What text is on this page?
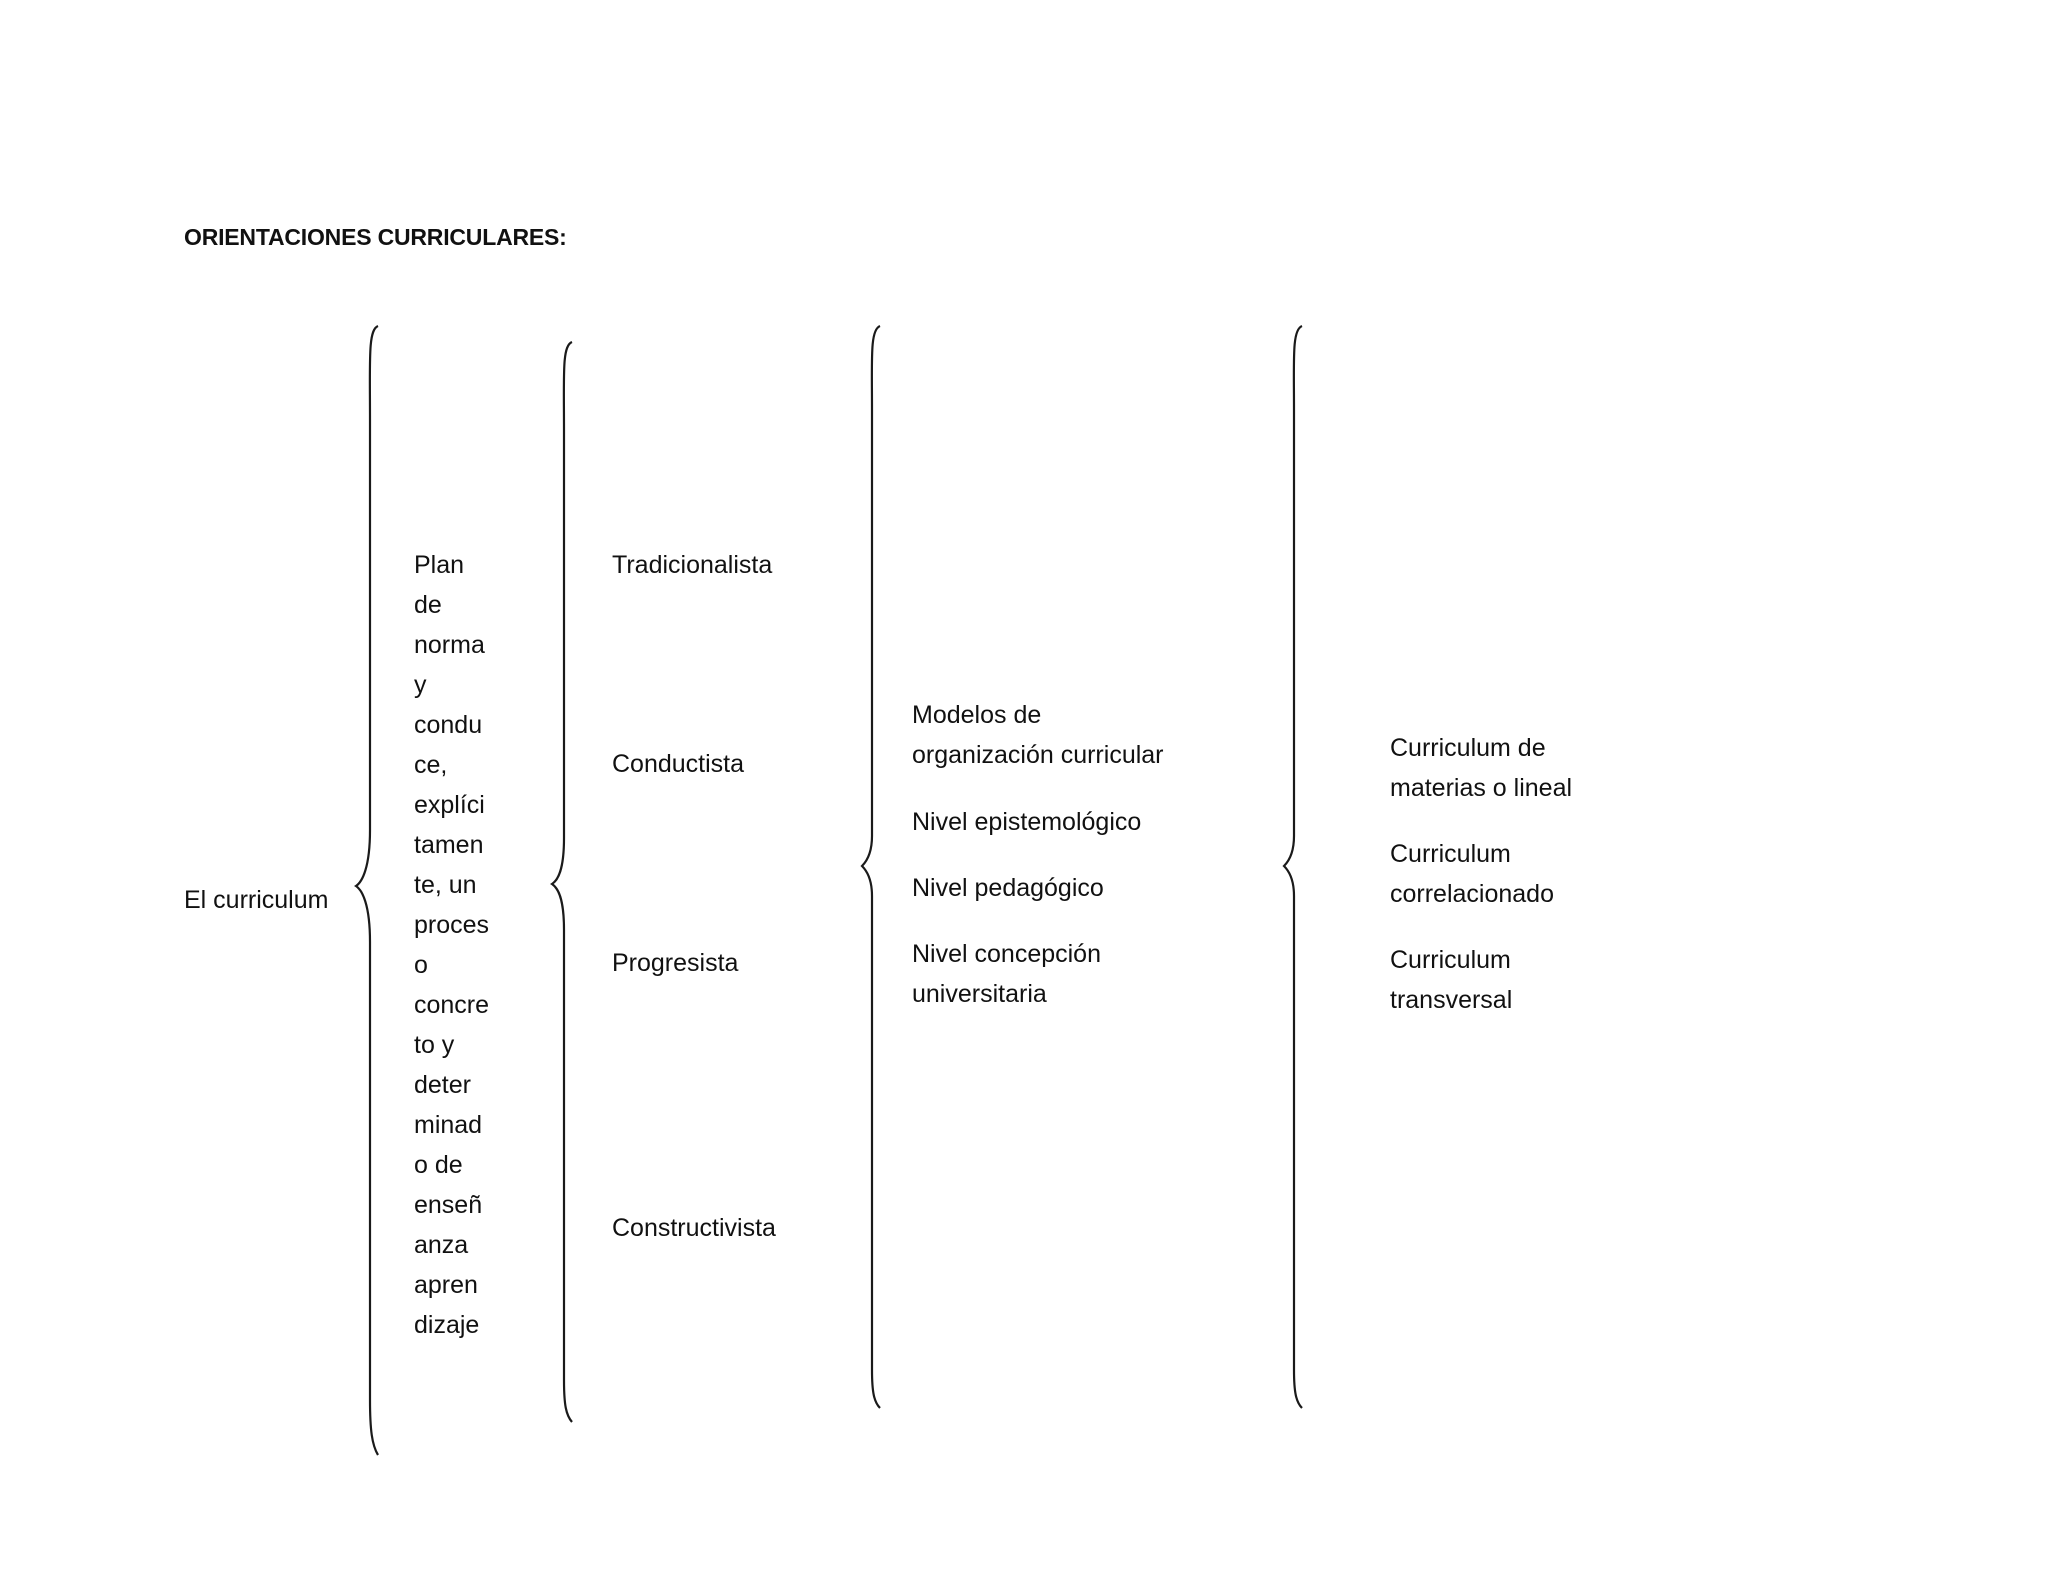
ORIENTACIONES CURRICULARES:
El curriculum
Plan
de
norma
y
condu
ce,
explíci
tamen
te, un
proces
o
concre
to y
deter
minad
o de
enseñ
anza
apren
dizaje
Tradicionalista
Conductista
Progresista
Constructivista
Modelos de
organización curricular
Nivel epistemológico
Nivel pedagógico
Nivel concepción
universitaria
Curriculum de
materias o lineal
Curriculum
correlacionado
Curriculum
transversal
